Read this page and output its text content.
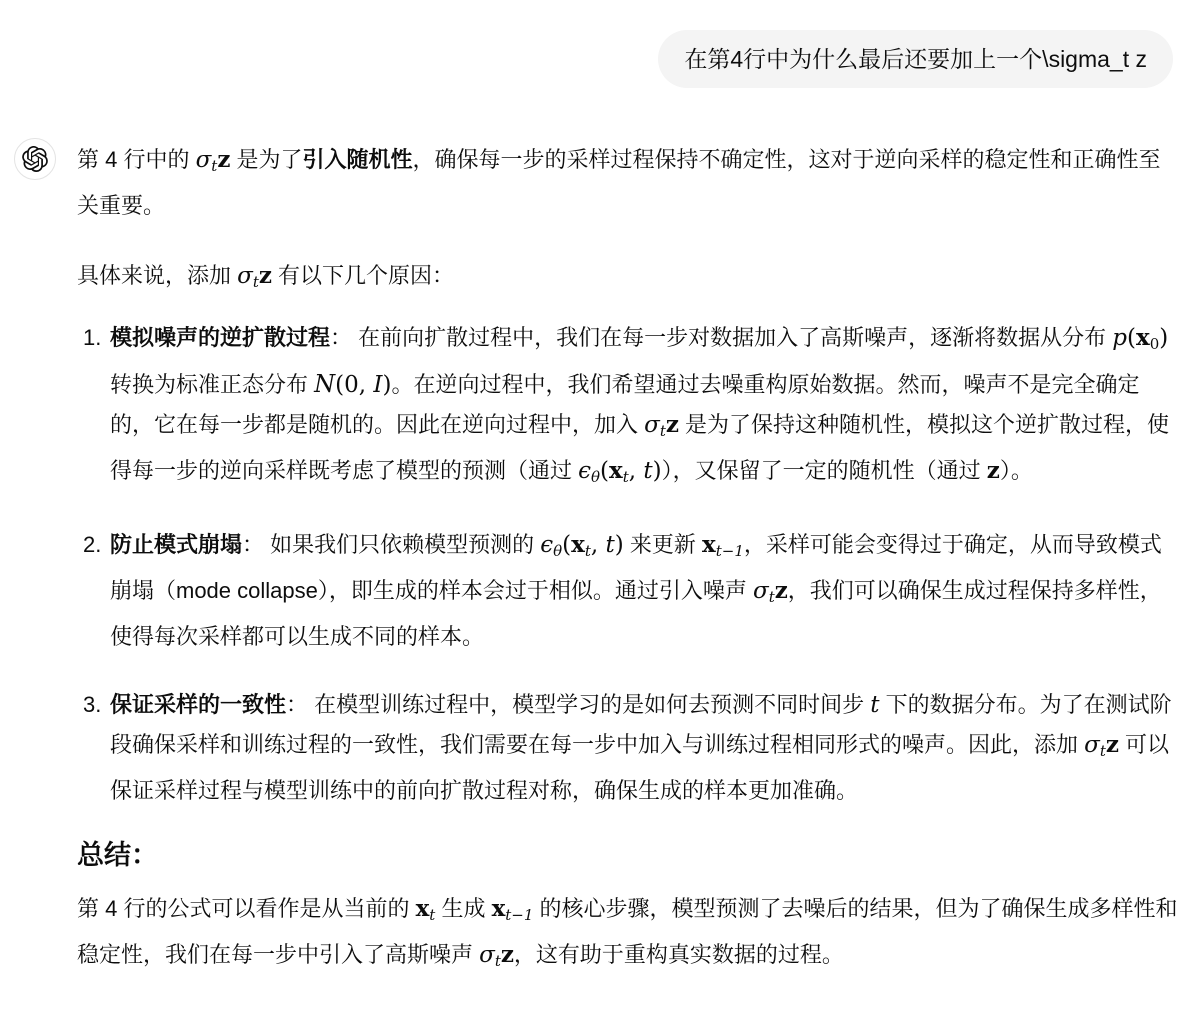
在第4行中为什么最后还要加上一个\sigma_t z

第 4 行中的 σtz 是为了引入随机性，确保每一步的采样过程保持不确定性，这对于逆向采样的稳定性和正确性至关重要。

具体来说，添加 σtz 有以下几个原因：

1. 模拟噪声的逆扩散过程： 在前向扩散过程中，我们在每一步对数据加入了高斯噪声，逐渐将数据从分布 p(x0) 转换为标准正态分布 N(0, I)。在逆向过程中，我们希望通过去噪重构原始数据。然而，噪声不是完全确定的，它在每一步都是随机的。因此在逆向过程中，加入 σtz 是为了保持这种随机性，模拟这个逆扩散过程，使得每一步的逆向采样既考虑了模型的预测（通过 ϵθ(xt, t)），又保留了一定的随机性（通过 z）。
2. 防止模式崩塌： 如果我们只依赖模型预测的 ϵθ(xt, t) 来更新 xt−1，采样可能会变得过于确定，从而导致模式崩塌（mode collapse），即生成的样本会过于相似。通过引入噪声 σtz，我们可以确保生成过程保持多样性，使得每次采样都可以生成不同的样本。
3. 保证采样的一致性： 在模型训练过程中，模型学习的是如何去预测不同时间步 t 下的数据分布。为了在测试阶段确保采样和训练过程的一致性，我们需要在每一步中加入与训练过程相同形式的噪声。因此，添加 σtz 可以保证采样过程与模型训练中的前向扩散过程对称，确保生成的样本更加准确。
总结：

第 4 行的公式可以看作是从当前的 xt 生成 xt−1 的核心步骤，模型预测了去噪后的结果，但为了确保生成多样性和稳定性，我们在每一步中引入了高斯噪声 σtz，这有助于重构真实数据的过程。
